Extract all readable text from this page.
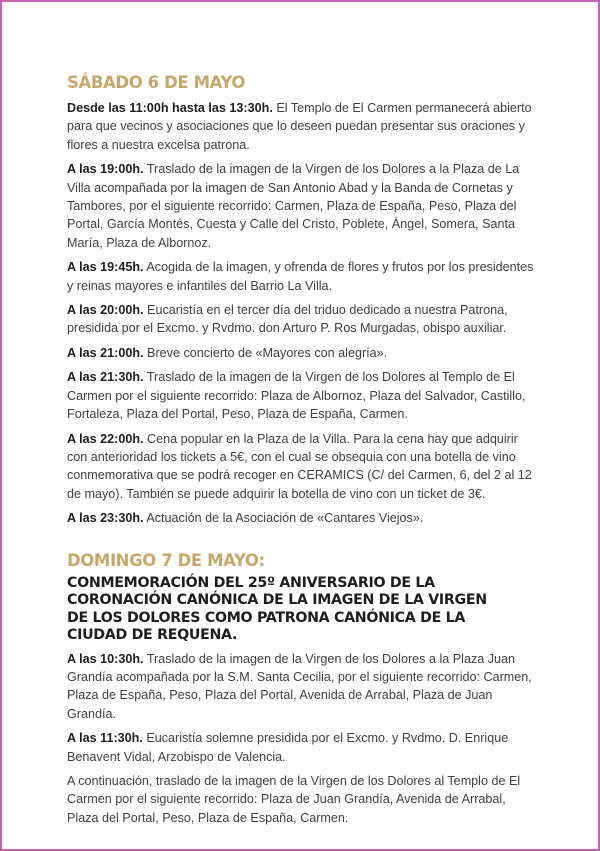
SÁBADO 6 DE MAYO

Desde las 11:00h hasta las 13:30h. El Templo de El Carmen permanecerá abierto para que vecinos y asociaciones que lo deseen puedan presentar sus oraciones y flores a nuestra excelsa patrona.

A las 19:00h. Traslado de la imagen de la Virgen de los Dolores a la Plaza de La Villa acompañada por la imagen de San Antonio Abad y la Banda de Cornetas y Tambores, por el siguiente recorrido: Carmen, Plaza de España, Peso, Plaza del Portal, García Montés, Cuesta y Calle del Cristo, Poblete, Ángel, Somera, Santa María, Plaza de Albornoz.

A las 19:45h. Acogida de la imagen, y ofrenda de flores y frutos por los presidentes y reinas mayores e infantiles del Barrio La Villa.

A las 20:00h. Eucaristía en el tercer día del triduo dedicado a nuestra Patrona, presidida por el Excmo. y Rvdmo. don Arturo P. Ros Murgadas, obispo auxiliar.

A las 21:00h. Breve concierto de «Mayores con alegría».

A las 21:30h. Traslado de la imagen de la Virgen de los Dolores al Templo de El Carmen por el siguiente recorrido: Plaza de Albornoz, Plaza del Salvador, Castillo, Fortaleza, Plaza del Portal, Peso, Plaza de España, Carmen.

A las 22:00h. Cena popular en la Plaza de la Villa. Para la cena hay que adquirir con anterioridad los tickets a 5€, con el cual se obsequia con una botella de vino conmemorativa que se podrá recoger en CERAMICS (C/ del Carmen, 6, del 2 al 12 de mayo). También se puede adquirir la botella de vino con un ticket de 3€.

A las 23:30h. Actuación de la Asociación de «Cantares Viejos».

DOMINGO 7 DE MAYO:
CONMEMORACIÓN DEL 25º ANIVERSARIO DE LA CORONACIÓN CANÓNICA DE LA IMAGEN DE LA VIRGEN DE LOS DOLORES COMO PATRONA CANÓNICA DE LA CIUDAD DE REQUENA.

A las 10:30h. Traslado de la imagen de la Virgen de los Dolores a la Plaza Juan Grandía acompañada por la S.M. Santa Cecilia, por el siguiente recorrido: Carmen, Plaza de España, Peso, Plaza del Portal, Avenida de Arrabal, Plaza de Juan Grandía.

A las 11:30h. Eucaristía solemne presidida por el Excmo. y Rvdmo. D. Enrique Benavent Vidal, Arzobispo de Valencia.

A continuación, traslado de la imagen de la Virgen de los Dolores al Templo de El Carmen por el siguiente recorrido: Plaza de Juan Grandía, Avenida de Arrabal, Plaza del Portal, Peso, Plaza de España, Carmen.
